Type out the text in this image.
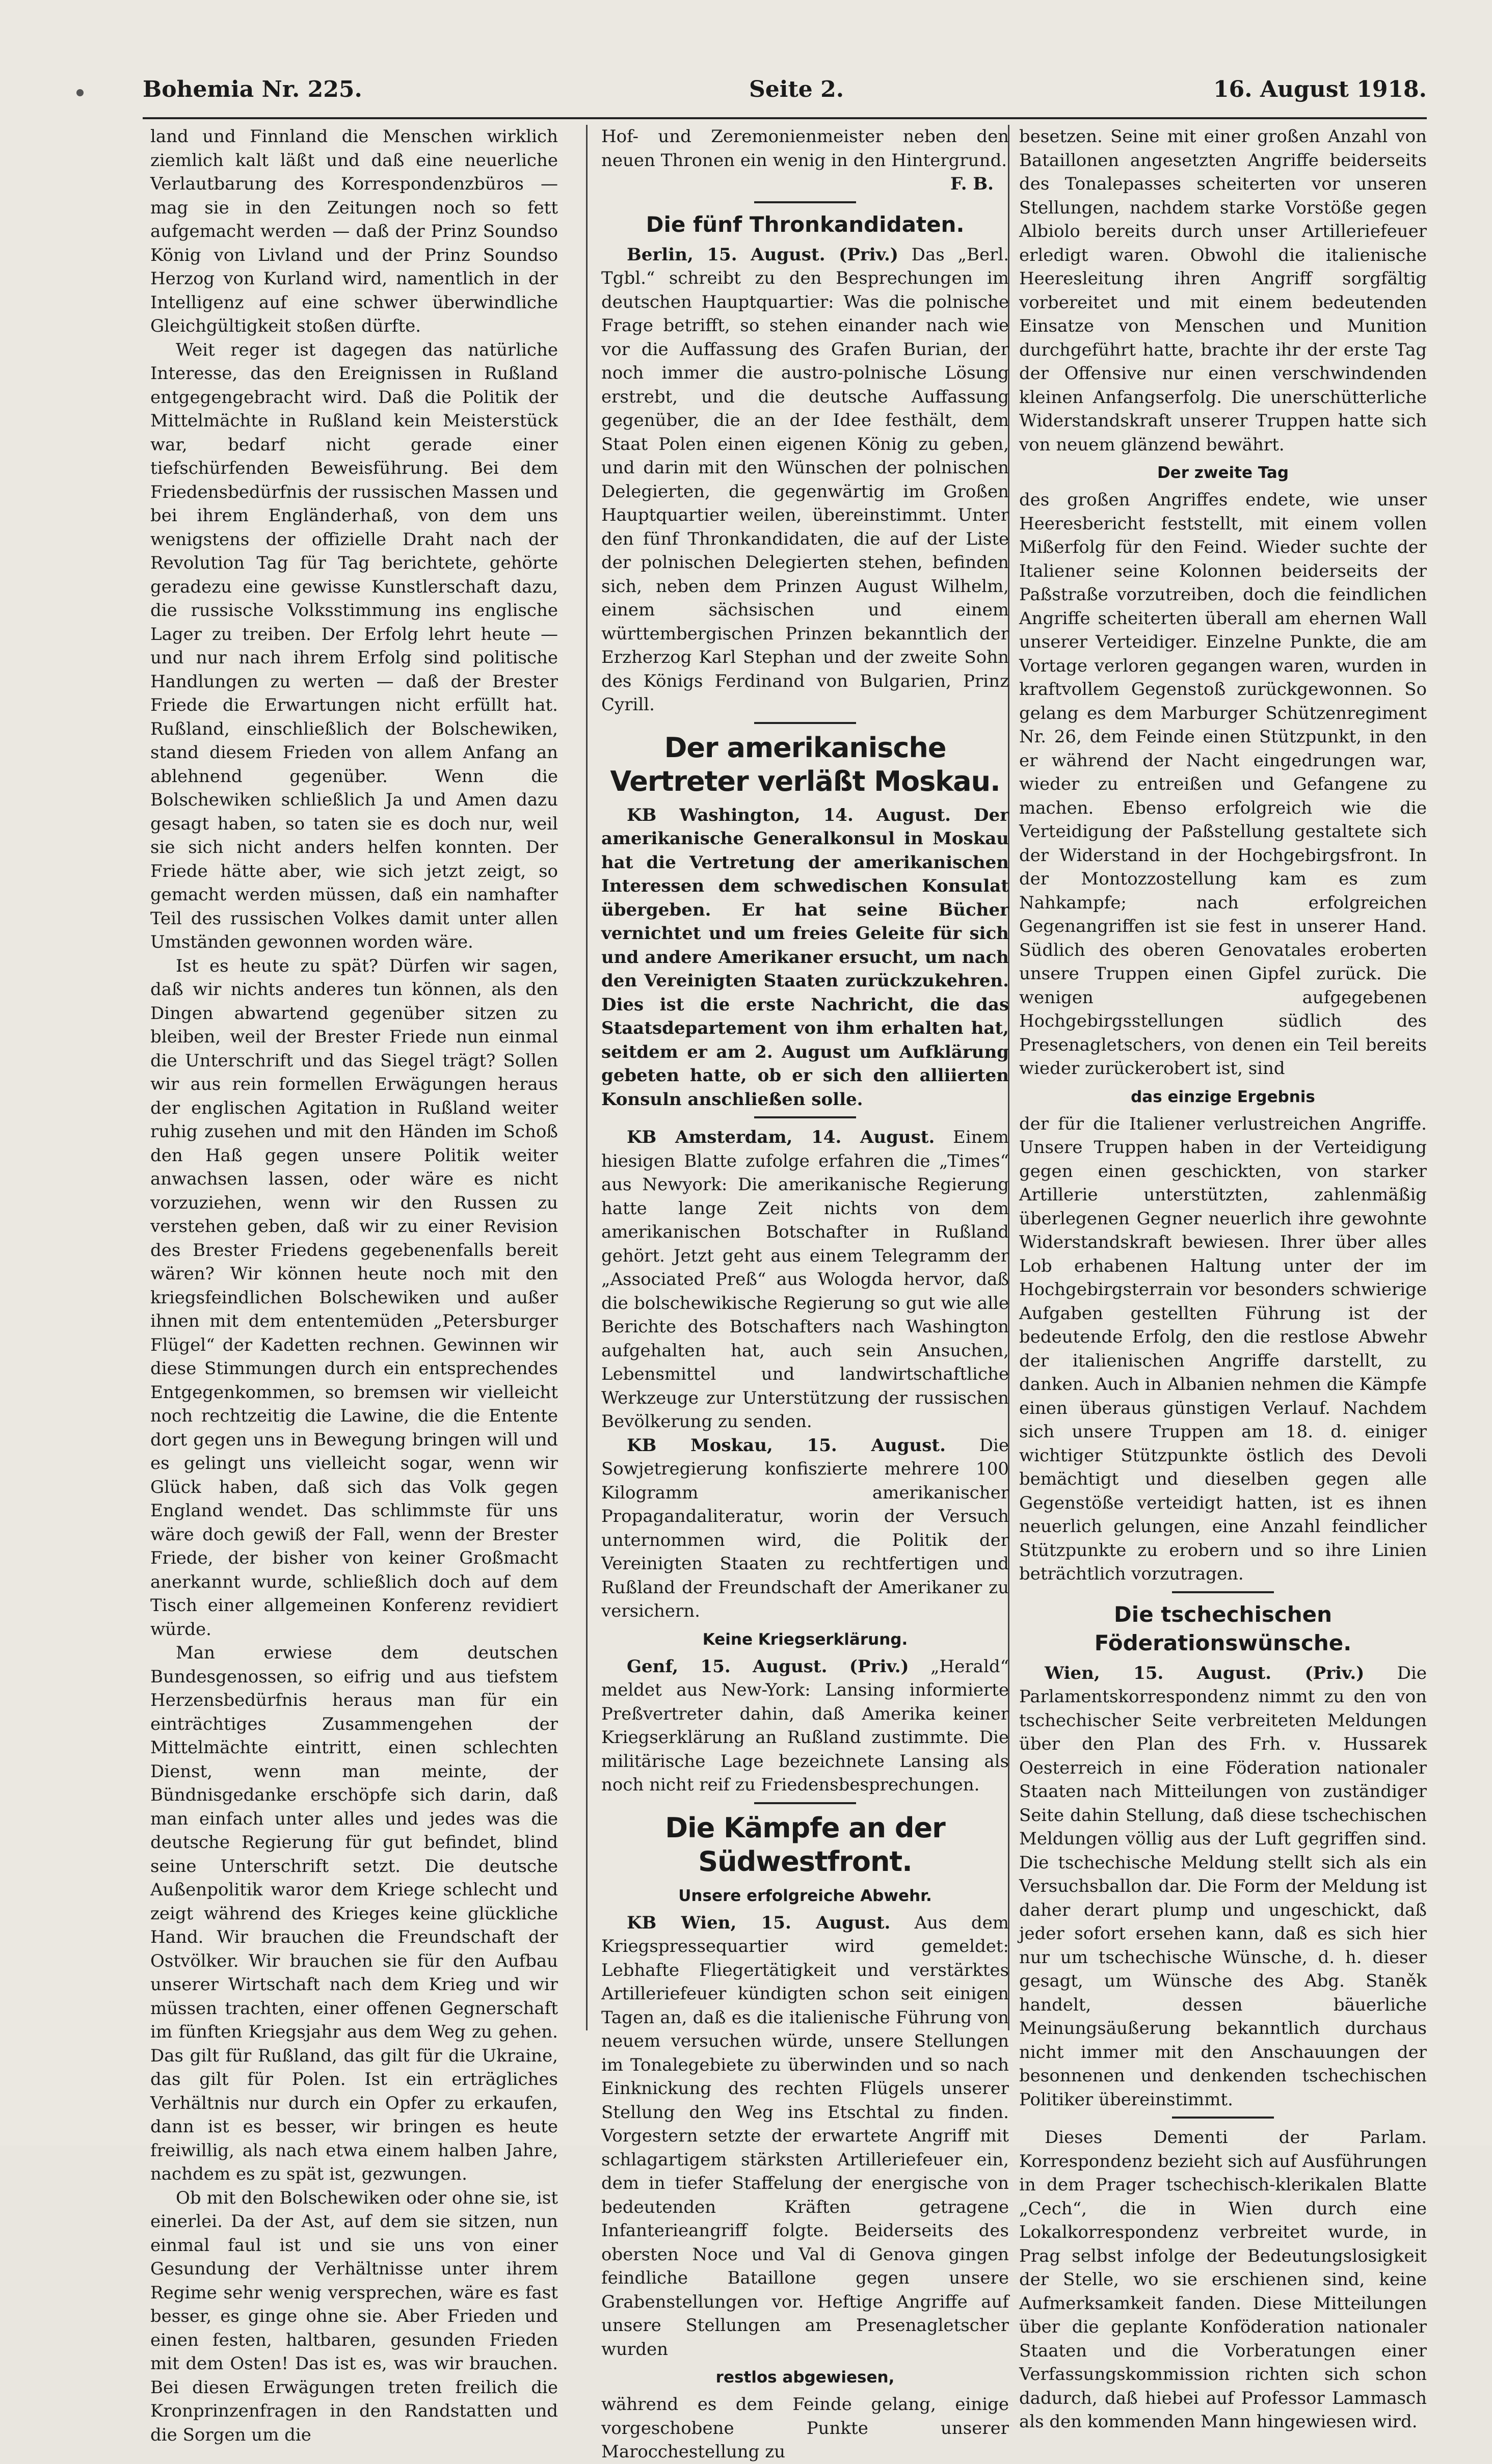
Bohemia Nr. 225.	Seite 2.	16. August 1918.

land und Finnland die Menschen wirklich ziemlich kalt läßt und daß eine neuerliche Verlautbarung des Korrespondenzbüros — mag sie in den Zeitungen noch so fett aufgemacht werden — daß der Prinz Soundso König von Livland und der Prinz Soundso Herzog von Kurland wird, namentlich in der Intelligenz auf eine schwer überwindliche Gleichgültigkeit stoßen dürfte.

Weit reger ist dagegen das natürliche Interesse, das den Ereignissen in Rußland entgegengebracht wird. Daß die Politik der Mittelmächte in Rußland kein Meisterstück war, bedarf nicht gerade einer tiefschürfenden Beweisführung. Bei dem Friedensbedürfnis der russischen Massen und bei ihrem Engländerhaß, von dem uns wenigstens der offizielle Draht nach der Revolution Tag für Tag berichtete, gehörte geradezu eine gewisse Kunstlerschaft dazu, die russische Volksstimmung ins englische Lager zu treiben. Der Erfolg lehrt heute — und nur nach ihrem Erfolg sind politische Handlungen zu werten — daß der Brester Friede die Erwartungen nicht erfüllt hat. Rußland, einschließlich der Bolschewiken, stand diesem Frieden von allem Anfang an ablehnend gegenüber. Wenn die Bolschewiken schließlich Ja und Amen dazu gesagt haben, so taten sie es doch nur, weil sie sich nicht anders helfen konnten. Der Friede hätte aber, wie sich jetzt zeigt, so gemacht werden müssen, daß ein namhafter Teil des russischen Volkes damit unter allen Umständen gewonnen worden wäre.

Ist es heute zu spät? Dürfen wir sagen, daß wir nichts anderes tun können, als den Dingen abwartend gegenüber sitzen zu bleiben, weil der Brester Friede nun einmal die Unterschrift und das Siegel trägt? Sollen wir aus rein formellen Erwägungen heraus der englischen Agitation in Rußland weiter ruhig zusehen und mit den Händen im Schoß den Haß gegen unsere Politik weiter anwachsen lassen, oder wäre es nicht vorzuziehen, wenn wir den Russen zu verstehen geben, daß wir zu einer Revision des Brester Friedens gegebenenfalls bereit wären? Wir können heute noch mit den kriegsfeindlichen Bolschewiken und außer ihnen mit dem ententemüden „Petersburger Flügel“ der Kadetten rechnen. Gewinnen wir diese Stimmungen durch ein entsprechendes Entgegenkommen, so bremsen wir vielleicht noch rechtzeitig die Lawine, die die Entente dort gegen uns in Bewegung bringen will und es gelingt uns vielleicht sogar, wenn wir Glück haben, daß sich das Volk gegen England wendet. Das schlimmste für uns wäre doch gewiß der Fall, wenn der Brester Friede, der bisher von keiner Großmacht anerkannt wurde, schließlich doch auf dem Tisch einer allgemeinen Konferenz revidiert würde.

Man erwiese dem deutschen Bundesgenossen, so eifrig und aus tiefstem Herzensbedürfnis heraus man für ein einträchtiges Zusammengehen der Mittelmächte eintritt, einen schlechten Dienst, wenn man meinte, der Bündnisgedanke erschöpfe sich darin, daß man einfach unter alles und jedes was die deutsche Regierung für gut befindet, blind seine Unterschrift setzt. Die deutsche Außenpolitik waror dem Kriege schlecht und zeigt während des Krieges keine glückliche Hand. Wir brauchen die Freundschaft der Ostvölker. Wir brauchen sie für den Aufbau unserer Wirtschaft nach dem Krieg und wir müssen trachten, einer offenen Gegnerschaft im fünften Kriegsjahr aus dem Weg zu gehen. Das gilt für Rußland, das gilt für die Ukraine, das gilt für Polen. Ist ein erträgliches Verhältnis nur durch ein Opfer zu erkaufen, dann ist es besser, wir bringen es heute freiwillig, als nach etwa einem halben Jahre, nachdem es zu spät ist, gezwungen.

Ob mit den Bolschewiken oder ohne sie, ist einerlei. Da der Ast, auf dem sie sitzen, nun einmal faul ist und sie uns von einer Gesundung der Verhältnisse unter ihrem Regime sehr wenig versprechen, wäre es fast besser, es ginge ohne sie. Aber Frieden und einen festen, haltbaren, gesunden Frieden mit dem Osten! Das ist es, was wir brauchen. Bei diesen Erwägungen treten freilich die Kronprinzenfragen in den Randstatten und die Sorgen um die

Hof- und Zeremonienmeister neben den neuen Thronen ein wenig in den Hintergrund.

F. B.
Die fünf Thronkandidaten.

Berlin, 15. August. (Priv.) Das „Berl. Tgbl.“ schreibt zu den Besprechungen im deutschen Hauptquartier: Was die polnische Frage betrifft, so stehen einander nach wie vor die Auffassung des Grafen Burian, der noch immer die austro-polnische Lösung erstrebt, und die deutsche Auffassung gegenüber, die an der Idee festhält, dem Staat Polen einen eigenen König zu geben, und darin mit den Wünschen der polnischen Delegierten, die gegenwärtig im Großen Hauptquartier weilen, übereinstimmt. Unter den fünf Thronkandidaten, die auf der Liste der polnischen Delegierten stehen, befinden sich, neben dem Prinzen August Wilhelm, einem sächsischen und einem württembergischen Prinzen bekanntlich der Erzherzog Karl Stephan und der zweite Sohn des Königs Ferdinand von Bulgarien, Prinz Cyrill.

Der amerikanische Vertreter verläßt Moskau.

KB Washington, 14. August. Der amerikanische Generalkonsul in Moskau hat die Vertretung der amerikanischen Interessen dem schwedischen Konsulat übergeben. Er hat seine Bücher vernichtet und um freies Geleite für sich und andere Amerikaner ersucht, um nach den Vereinigten Staaten zurückzukehren. Dies ist die erste Nachricht, die das Staatsdepartement von ihm erhalten hat, seitdem er am 2. August um Aufklärung gebeten hatte, ob er sich den alliierten Konsuln anschließen solle.

KB Amsterdam, 14. August. Einem hiesigen Blatte zufolge erfahren die „Times“ aus Newyork: Die amerikanische Regierung hatte lange Zeit nichts von dem amerikanischen Botschafter in Rußland gehört. Jetzt geht aus einem Telegramm der „Associated Preß“ aus Wologda hervor, daß die bolschewikische Regierung so gut wie alle Berichte des Botschafters nach Washington aufgehalten hat, auch sein Ansuchen, Lebensmittel und landwirtschaftliche Werkzeuge zur Unterstützung der russischen Bevölkerung zu senden.

KB Moskau, 15. August. Die Sowjetregierung konfiszierte mehrere 100 Kilogramm amerikanischer Propagandaliteratur, worin der Versuch unternommen wird, die Politik der Vereinigten Staaten zu rechtfertigen und Rußland der Freundschaft der Amerikaner zu versichern.

Keine Kriegserklärung.

Genf, 15. August. (Priv.) „Herald“ meldet aus New-York: Lansing informierte Preßvertreter dahin, daß Amerika keiner Kriegserklärung an Rußland zustimmte. Die militärische Lage bezeichnete Lansing als noch nicht reif zu Friedensbesprechungen.

Die Kämpfe an der Südwestfront.
Unsere erfolgreiche Abwehr.

KB Wien, 15. August. Aus dem Kriegspressequartier wird gemeldet: Lebhafte Fliegertätigkeit und verstärktes Artilleriefeuer kündigten schon seit einigen Tagen an, daß es die italienische Führung von neuem versuchen würde, unsere Stellungen im Tonalegebiete zu überwinden und so nach Einknickung des rechten Flügels unserer Stellung den Weg ins Etschtal zu finden. Vorgestern setzte der erwartete Angriff mit schlagartigem stärksten Artilleriefeuer ein, dem in tiefer Staffelung der energische von bedeutenden Kräften getragene Infanterieangriff folgte. Beiderseits des obersten Noce und Val di Genova gingen feindliche Bataillone gegen unsere Grabenstellungen vor. Heftige Angriffe auf unsere Stellungen am Presenagletscher wurden

restlos abgewiesen,

während es dem Feinde gelang, einige vorgeschobene Punkte unserer Marocchestellung zu

besetzen. Seine mit einer großen Anzahl von Bataillonen angesetzten Angriffe beiderseits des Tonalepasses scheiterten vor unseren Stellungen, nachdem starke Vorstöße gegen Albiolo bereits durch unser Artilleriefeuer erledigt waren. Obwohl die italienische Heeresleitung ihren Angriff sorgfältig vorbereitet und mit einem bedeutenden Einsatze von Menschen und Munition durchgeführt hatte, brachte ihr der erste Tag der Offensive nur einen verschwindenden kleinen Anfangserfolg. Die unerschütterliche Widerstandskraft unserer Truppen hatte sich von neuem glänzend bewährt.

Der zweite Tag

des großen Angriffes endete, wie unser Heeresbericht feststellt, mit einem vollen Mißerfolg für den Feind. Wieder suchte der Italiener seine Kolonnen beiderseits der Paßstraße vorzutreiben, doch die feindlichen Angriffe scheiterten überall am ehernen Wall unserer Verteidiger. Einzelne Punkte, die am Vortage verloren gegangen waren, wurden in kraftvollem Gegenstoß zurückgewonnen. So gelang es dem Marburger Schützenregiment Nr. 26, dem Feinde einen Stützpunkt, in den er während der Nacht eingedrungen war, wieder zu entreißen und Gefangene zu machen. Ebenso erfolgreich wie die Verteidigung der Paßstellung gestaltete sich der Widerstand in der Hochgebirgsfront. In der Montozzostellung kam es zum Nahkampfe; nach erfolgreichen Gegenangriffen ist sie fest in unserer Hand. Südlich des oberen Genovatales eroberten unsere Truppen einen Gipfel zurück. Die wenigen aufgegebenen Hochgebirgsstellungen südlich des Presenagletschers, von denen ein Teil bereits wieder zurückerobert ist, sind

das einzige Ergebnis

der für die Italiener verlustreichen Angriffe. Unsere Truppen haben in der Verteidigung gegen einen geschickten, von starker Artillerie unterstützten, zahlenmäßig überlegenen Gegner neuerlich ihre gewohnte Widerstandskraft bewiesen. Ihrer über alles Lob erhabenen Haltung unter der im Hochgebirgsterrain vor besonders schwierige Aufgaben gestellten Führung ist der bedeutende Erfolg, den die restlose Abwehr der italienischen Angriffe darstellt, zu danken. Auch in Albanien nehmen die Kämpfe einen überaus günstigen Verlauf. Nachdem sich unsere Truppen am 18. d. einiger wichtiger Stützpunkte östlich des Devoli bemächtigt und dieselben gegen alle Gegenstöße verteidigt hatten, ist es ihnen neuerlich gelungen, eine Anzahl feindlicher Stützpunkte zu erobern und so ihre Linien beträchtlich vorzutragen.

Die tschechischen Föderationswünsche.

Wien, 15. August. (Priv.) Die Parlamentskorrespondenz nimmt zu den von tschechischer Seite verbreiteten Meldungen über den Plan des Frh. v. Hussarek Oesterreich in eine Föderation nationaler Staaten nach Mitteilungen von zuständiger Seite dahin Stellung, daß diese tschechischen Meldungen völlig aus der Luft gegriffen sind. Die tschechische Meldung stellt sich als ein Versuchsballon dar. Die Form der Meldung ist daher derart plump und ungeschickt, daß jeder sofort ersehen kann, daß es sich hier nur um tschechische Wünsche, d. h. dieser gesagt, um Wünsche des Abg. Staněk handelt, dessen bäuerliche Meinungsäußerung bekanntlich durchaus nicht immer mit den Anschauungen der besonnenen und denkenden tschechischen Politiker übereinstimmt.

Dieses Dementi der Parlam. Korrespondenz bezieht sich auf Ausführungen in dem Prager tschechisch-klerikalen Blatte „Cech“, die in Wien durch eine Lokalkorrespondenz verbreitet wurde, in Prag selbst infolge der Bedeutungslosigkeit der Stelle, wo sie erschienen sind, keine Aufmerksamkeit fanden. Diese Mitteilungen über die geplante Konföderation nationaler Staaten und die Vorberatungen einer Verfassungskommission richten sich schon dadurch, daß hiebei auf Professor Lammasch als den kommenden Mann hingewiesen wird.
